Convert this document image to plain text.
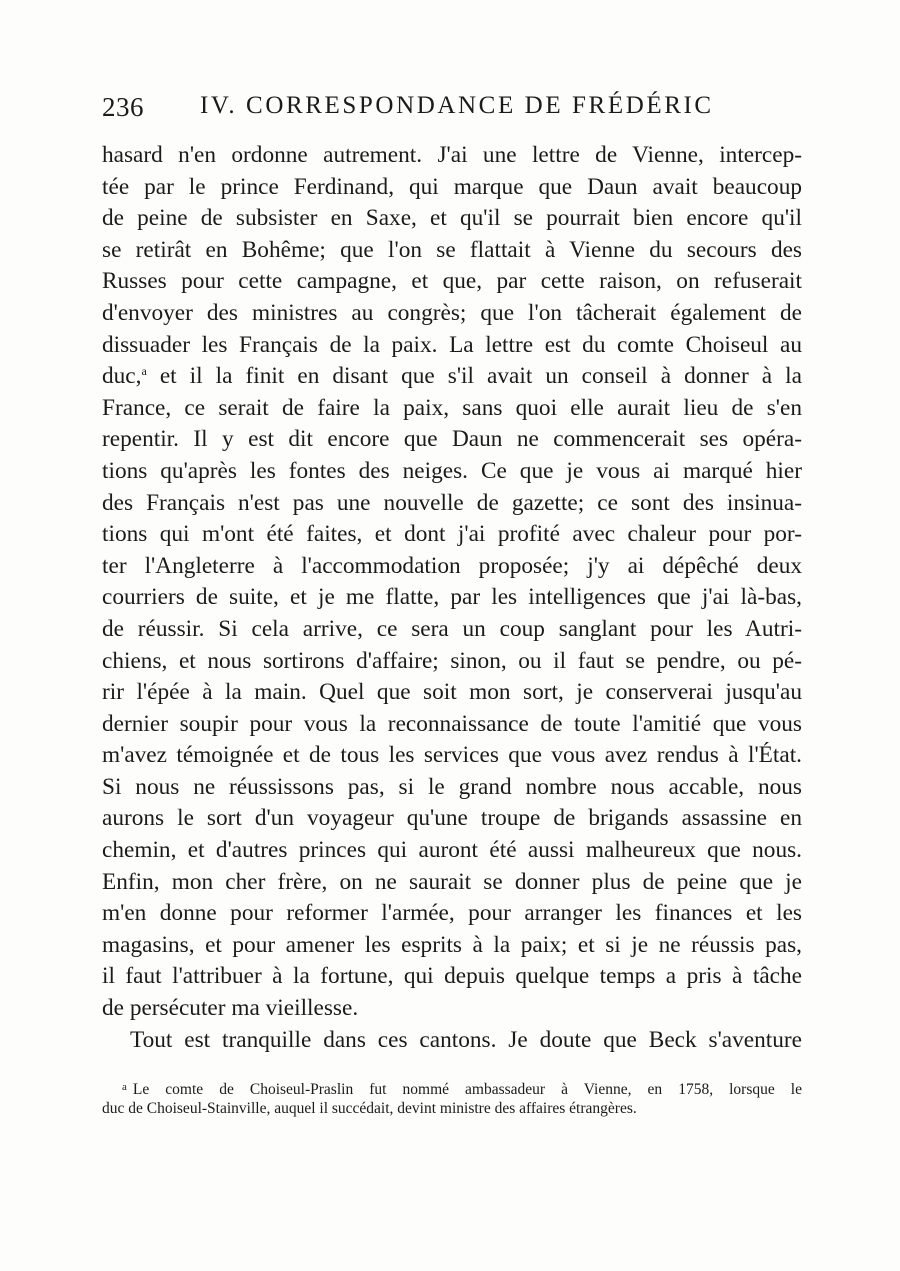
236 IV. CORRESPONDANCE DE FRÉDÉRIC
hasard n'en ordonne autrement. J'ai une lettre de Vienne, intercep-
tée par le prince Ferdinand, qui marque que Daun avait beaucoup
de peine de subsister en Saxe, et qu'il se pourrait bien encore qu'il
se retirât en Bohême; que l'on se flattait à Vienne du secours des
Russes pour cette campagne, et que, par cette raison, on refuserait
d'envoyer des ministres au congrès; que l'on tâcherait également de
dissuader les Français de la paix. La lettre est du comte Choiseul au
duc,$^a$ et il la finit en disant que s'il avait un conseil à donner à la
France, ce serait de faire la paix, sans quoi elle aurait lieu de s'en
repentir. Il y est dit encore que Daun ne commencerait ses opéra-
tions qu'après les fontes des neiges. Ce que je vous ai marqué hier
des Français n'est pas une nouvelle de gazette; ce sont des insinua-
tions qui m'ont été faites, et dont j'ai profité avec chaleur pour por-
ter l'Angleterre à l'accommodation proposée; j'y ai dépêché deux
courriers de suite, et je me flatte, par les intelligences que j'ai là-bas,
de réussir. Si cela arrive, ce sera un coup sanglant pour les Autri-
chiens, et nous sortirons d'affaire; sinon, ou il faut se pendre, ou pé-
rir l'épée à la main. Quel que soit mon sort, je conserverai jusqu'au
dernier soupir pour vous la reconnaissance de toute l'amitié que vous
m'avez témoignée et de tous les services que vous avez rendus à l'État.
Si nous ne réussissons pas, si le grand nombre nous accable, nous
aurons le sort d'un voyageur qu'une troupe de brigands assassine en
chemin, et d'autres princes qui auront été aussi malheureux que nous.
Enfin, mon cher frère, on ne saurait se donner plus de peine que je
m'en donne pour reformer l'armée, pour arranger les finances et les
magasins, et pour amener les esprits à la paix; et si je ne réussis pas,
il faut l'attribuer à la fortune, qui depuis quelque temps a pris à tâche
de persécuter ma vieillesse.
Tout est tranquille dans ces cantons. Je doute que Beck s'aventure
$^a$ Le comte de Choiseul-Praslin fut nommé ambassadeur à Vienne, en 1758, lorsque le
duc de Choiseul-Stainville, auquel il succédait, devint ministre des affaires étrangères.
